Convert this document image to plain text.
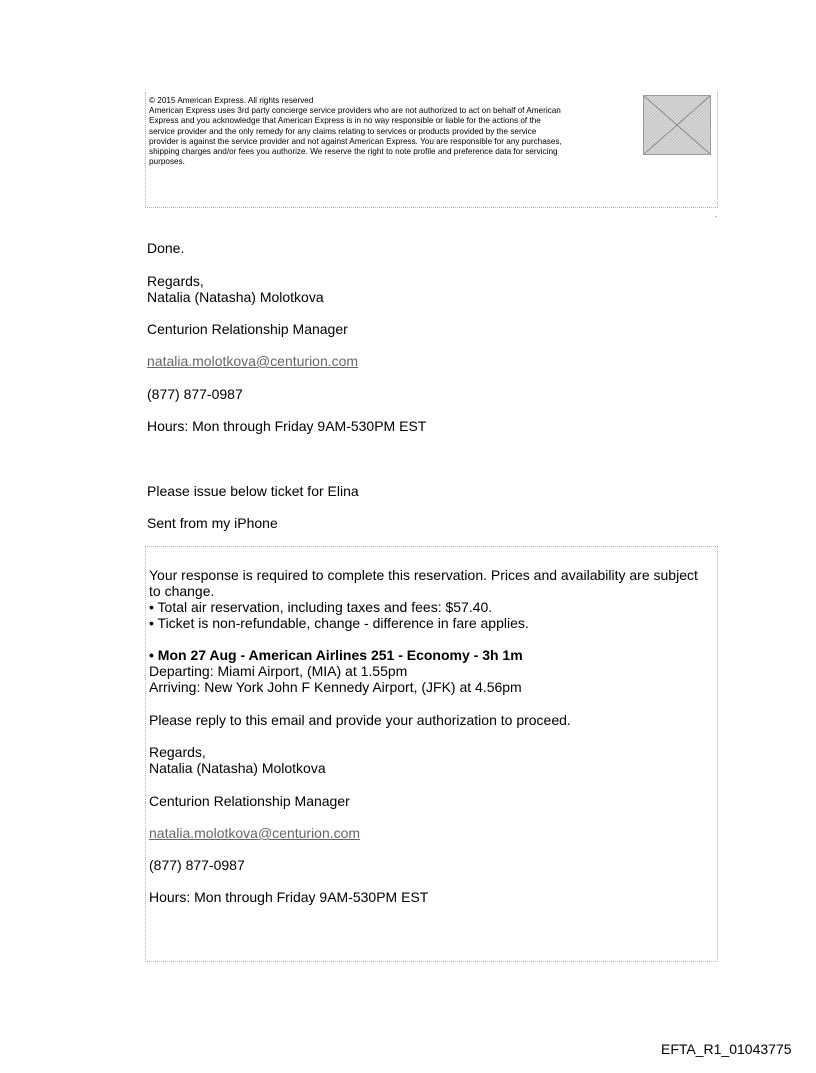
© 2015 American Express. All rights reserved

American Express uses 3rd party concierge service providers who are not authorized to act on behalf of American

Express and you acknowledge that American Express is in no way responsible or liable for the actions of the

service provider and the only remedy for any claims relating to services or products provided by the service

provider is against the service provider and not against American Express. You are responsible for any purchases,

shipping charges and/or fees you authorize. We reserve the right to note profile and preference data for servicing

purposes.

-

Done.

Regards,

Natalia (Natasha) Molotkova

Centurion Relationship Manager

natalia.molotkova@centurion.com

(877) 877-0987

Hours: Mon through Friday 9AM-530PM EST

Please issue below ticket for Elina

Sent from my iPhone

Your response is required to complete this reservation. Prices and availability are subject

to change.

• Total air reservation, including taxes and fees: $57.40.

• Ticket is non-refundable, change - difference in fare applies.

• Mon 27 Aug - American Airlines 251 - Economy - 3h 1m

Departing: Miami Airport, (MIA) at 1.55pm

Arriving: New York John F Kennedy Airport, (JFK) at 4.56pm

Please reply to this email and provide your authorization to proceed.

Regards,

Natalia (Natasha) Molotkova

Centurion Relationship Manager

natalia.molotkova@centurion.com

(877) 877-0987

Hours: Mon through Friday 9AM-530PM EST

EFTA_R1_01043775
